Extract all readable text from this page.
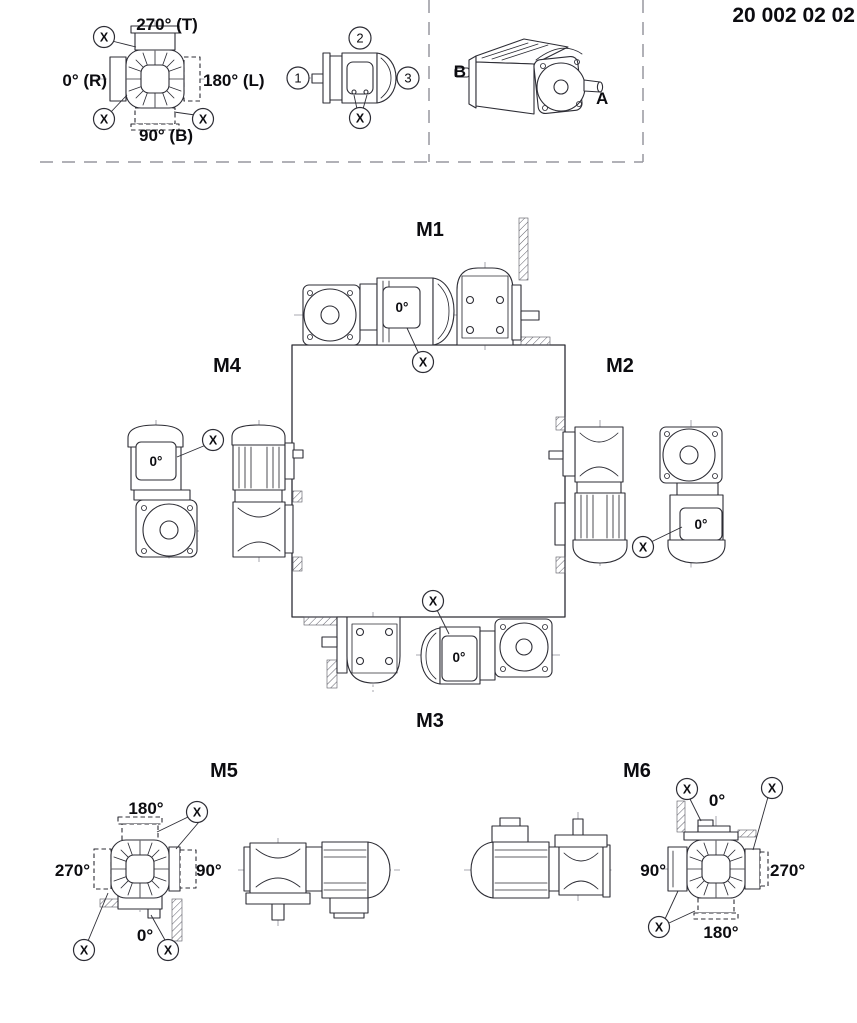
270° (T)
0° (R)	180° (L)
90° (B)
1
2
3 B
A
20 002 02 02
M1
0°
X
M4
0°
X
M2
0°
X
M3
0°
X
M5
180°
270°	90°
0°
X
X	X
M6
0°
90°	270°
180°
X	X
X
X
X	X	X
